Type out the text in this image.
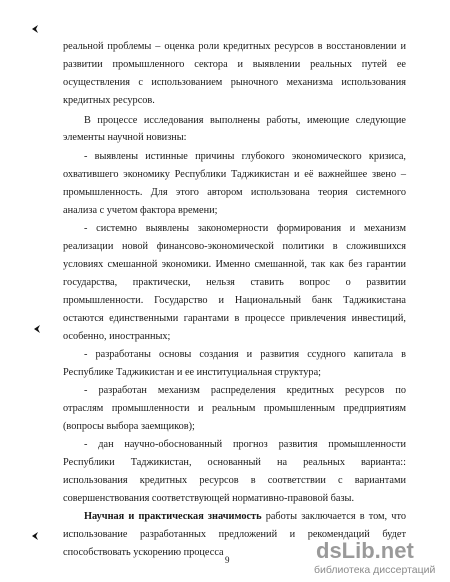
реальной проблемы – оценка роли кредитных ресурсов в восстановлении и
развитии промышленного сектора и выявлении реальных путей ее
осуществления с использованием рыночного механизма использования
кредитных ресурсов.
В процессе исследования выполнены работы, имеющие следующие
элементы научной новизны:
- выявлены истинные причины глубокого экономического кризиса,
охватившего экономику Республики Таджикистан и её важнейшее звено –
промышленность. Для этого автором использована теория системного
анализа с учетом фактора времени;
- системно выявлены закономерности формирования и механизм
реализации новой финансово-экономической политики в сложившихся
условиях смешанной экономики. Именно смешанной, так как без гарантии
государства, практически, нельзя ставить вопрос о развитии
промышленности. Государство и Национальный банк Таджикистана
остаются единственными гарантами в процессе привлечения инвестиций,
особенно, иностранных;
- разработаны основы создания и развития ссудного капитала в
Республике Таджикистан и ее институциальная структура;
- разработан механизм распределения кредитных ресурсов по
отраслям промышленности и реальным промышленным предприятиям
(вопросы выбора заемщиков);
- дан научно-обоснованный прогноз развития промышленности
Республики Таджикистан, основанный на реальных варианта::
использования кредитных ресурсов в соответствии с вариантами
совершенствования соответствующей нормативно-правовой базы.
Научная и практическая значимость работы заключается в том, что
использование разработанных предложений и рекомендаций будет
способствовать ускорению процесса
9	dsLib.net
библиотека диссертаций
